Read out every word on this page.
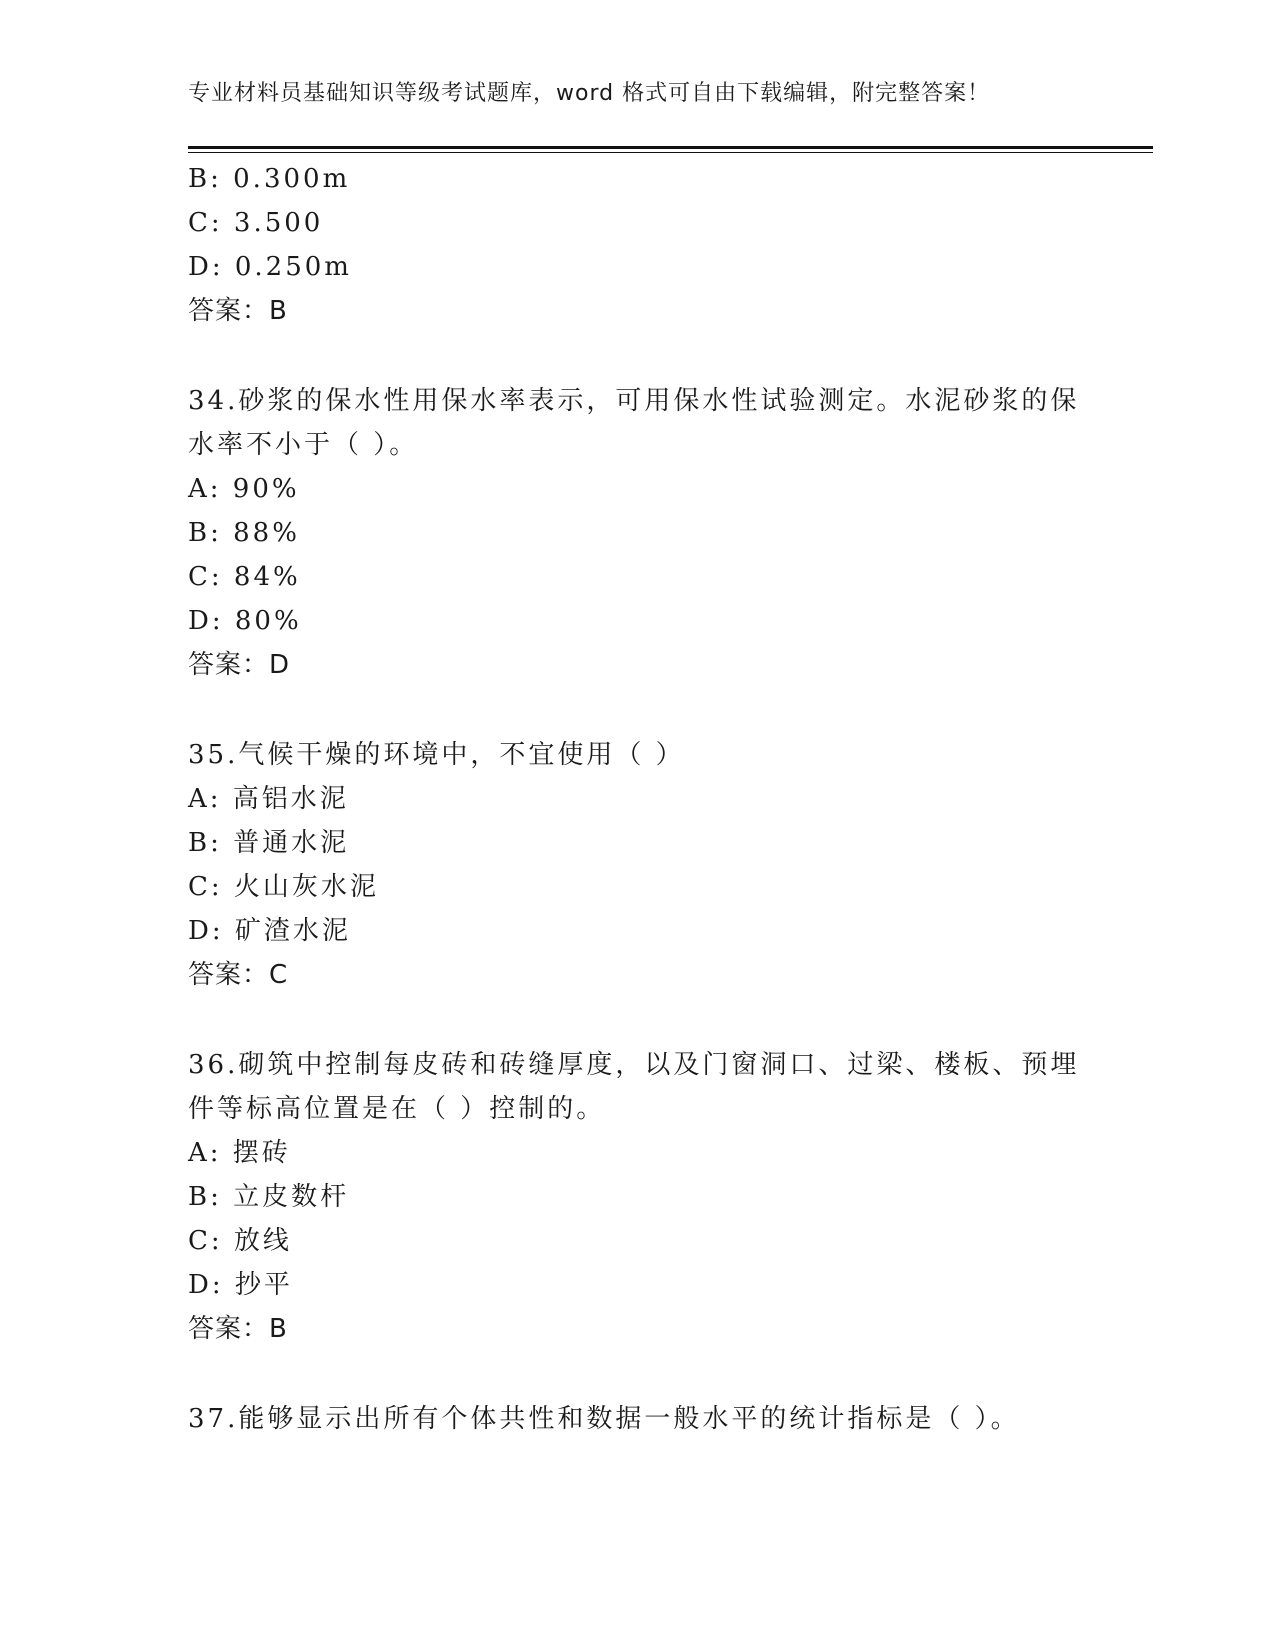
专业材料员基础知识等级考试题库，word 格式可自由下载编辑，附完整答案！
B: 0.300m
C: 3.500
D: 0.250m
答案：B
34.砂浆的保水性用保水率表示，可用保水性试验测定。水泥砂浆的保
水率不小于（ ）。
A: 90%
B: 88%
C: 84%
D: 80%
答案：D
35.气候干燥的环境中，不宜使用（ ）
A: 高铝水泥
B: 普通水泥
C: 火山灰水泥
D: 矿渣水泥
答案：C
36.砌筑中控制每皮砖和砖缝厚度，以及门窗洞口、过梁、楼板、预埋
件等标高位置是在（ ）控制的。
A: 摆砖
B: 立皮数杆
C: 放线
D: 抄平
答案：B
37.能够显示出所有个体共性和数据一般水平的统计指标是（ ）。
